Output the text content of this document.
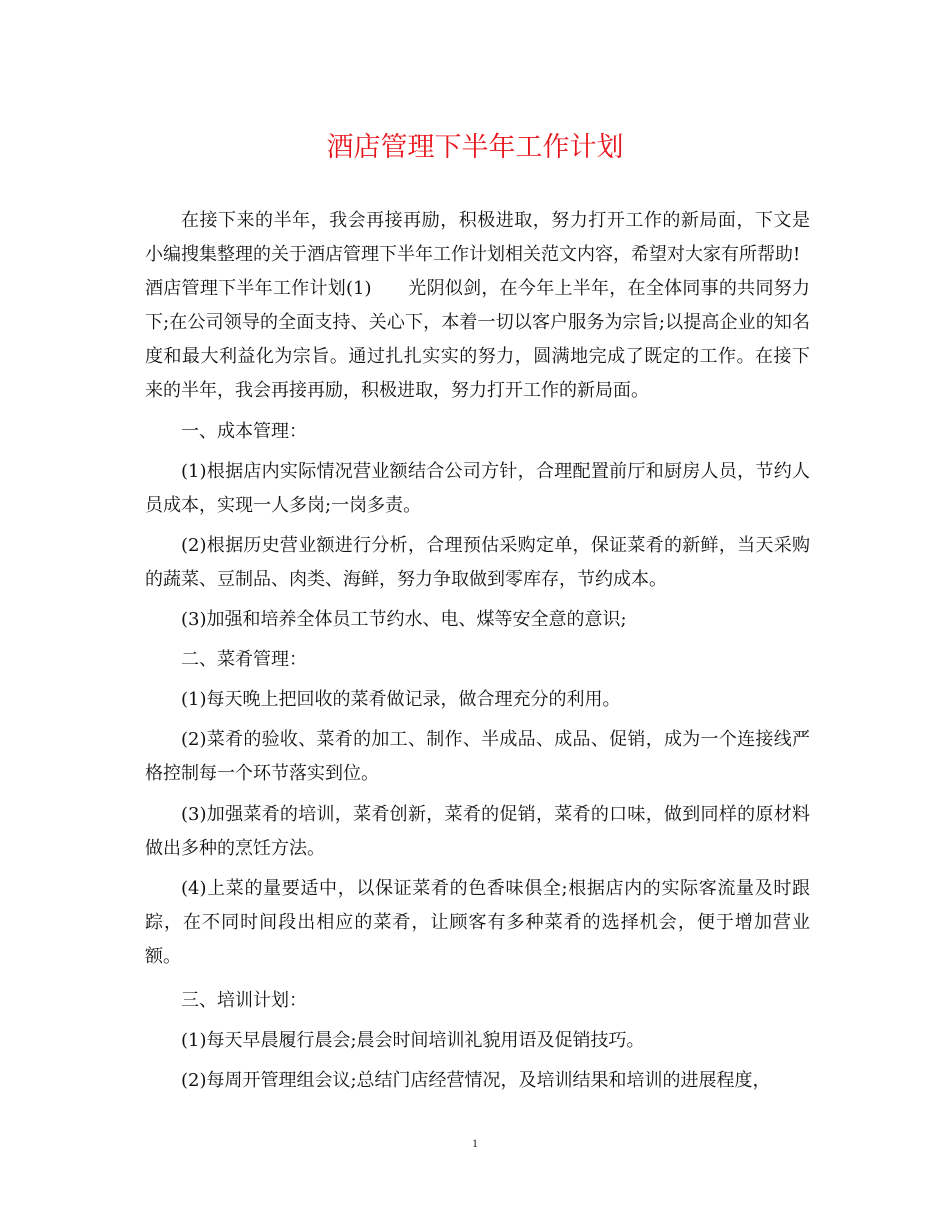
酒店管理下半年工作计划

在接下来的半年，我会再接再励，积极进取，努力打开工作的新局面，下文是小编搜集整理的关于酒店管理下半年工作计划相关范文内容，希望对大家有所帮助!

酒店管理下半年工作计划(1)　　光阴似剑，在今年上半年，在全体同事的共同努力下;在公司领导的全面支持、关心下，本着一切以客户服务为宗旨;以提高企业的知名度和最大利益化为宗旨。通过扎扎实实的努力，圆满地完成了既定的工作。在接下来的半年，我会再接再励，积极进取，努力打开工作的新局面。

一、成本管理：

(1)根据店内实际情况营业额结合公司方针，合理配置前厅和厨房人员，节约人员成本，实现一人多岗;一岗多责。

(2)根据历史营业额进行分析，合理预估采购定单，保证菜肴的新鲜，当天采购的蔬菜、豆制品、肉类、海鲜，努力争取做到零库存，节约成本。

(3)加强和培养全体员工节约水、电、煤等安全意的意识;

二、菜肴管理：

(1)每天晚上把回收的菜肴做记录，做合理充分的利用。

(2)菜肴的验收、菜肴的加工、制作、半成品、成品、促销，成为一个连接线严格控制每一个环节落实到位。

(3)加强菜肴的培训，菜肴创新，菜肴的促销，菜肴的口味，做到同样的原材料做出多种的烹饪方法。

(4)上菜的量要适中，以保证菜肴的色香味俱全;根据店内的实际客流量及时跟踪，在不同时间段出相应的菜肴，让顾客有多种菜肴的选择机会，便于增加营业额。

三、培训计划：

(1)每天早晨履行晨会;晨会时间培训礼貌用语及促销技巧。

(2)每周开管理组会议;总结门店经营情况，及培训结果和培训的进展程度，

1
